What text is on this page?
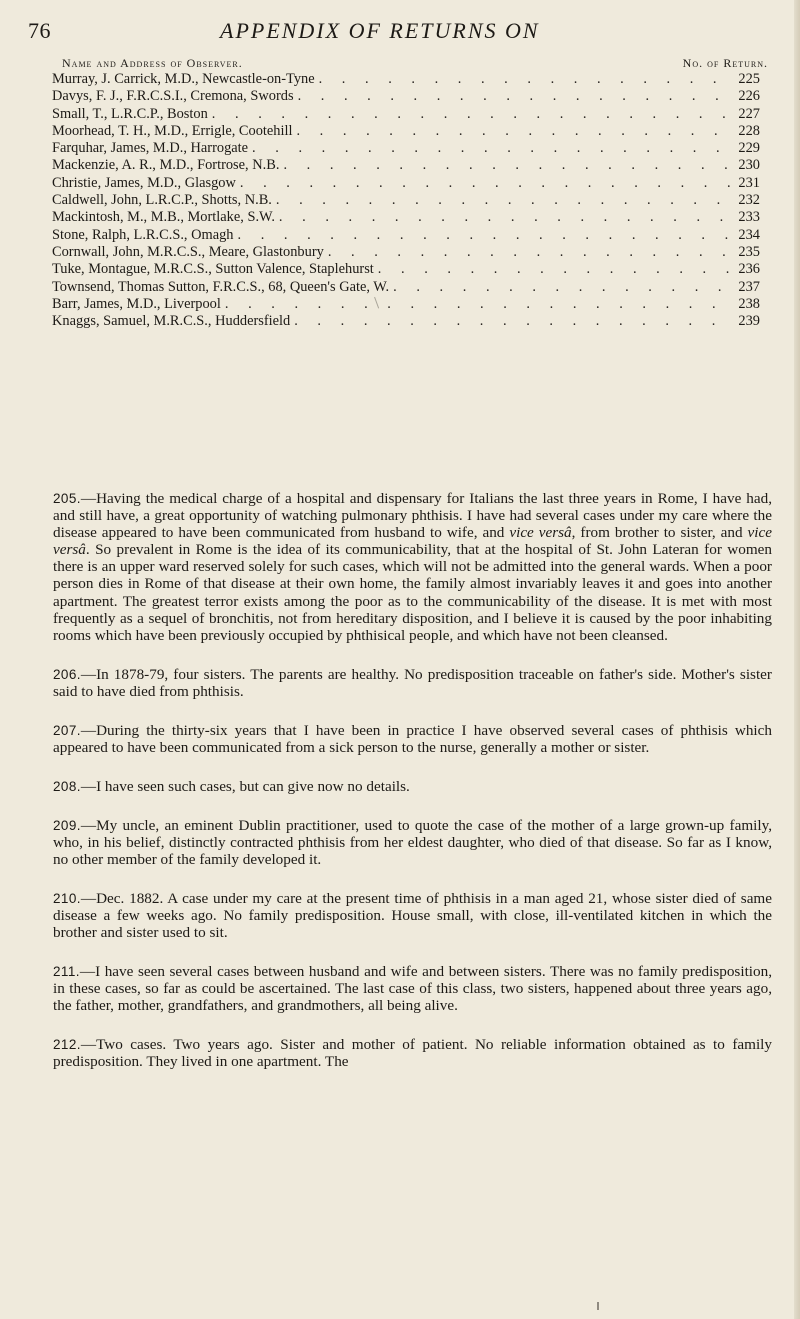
76	APPENDIX OF RETURNS ON
Name and Address of Observer.	No. of Return.
Murray, J. Carrick, M.D., Newcastle-on-Tyne . . .	225
Davys, F. J., F.R.C.S.I., Cremona, Swords . . .	226
Small, T., L.R.C.P., Boston . . .	227
Moorhead, T. H., M.D., Errigle, Cootehill . . .	228
Farquhar, James, M.D., Harrogate . . .	229
Mackenzie, A. R., M.D., Fortrose, N.B. . . .	230
Christie, James, M.D., Glasgow . . .	231
Caldwell, John, L.R.C.P., Shotts, N.B. . . .	232
Mackintosh, M., M.B., Mortlake, S.W. . . .	233
Stone, Ralph, L.R.C.S., Omagh . . .	234
Cornwall, John, M.R.C.S., Meare, Glastonbury . . .	235
Tuke, Montague, M.R.C.S., Sutton Valence, Staplehurst . . .	236
Townsend, Thomas Sutton, F.R.C.S., 68, Queen's Gate, W. . . .	237
Barr, James, M.D., Liverpool . . .	238
Knaggs, Samuel, M.R.C.S., Huddersfield . . .	239

205.—Having the medical charge of a hospital and dispensary for Italians the last three years in Rome, I have had, and still have, a great opportunity of watching pulmonary phthisis. I have had several cases under my care where the disease appeared to have been communicated from husband to wife, and vice versâ, from brother to sister, and vice versâ. So prevalent in Rome is the idea of its communicability, that at the hospital of St. John Lateran for women there is an upper ward reserved solely for such cases, which will not be admitted into the general wards. When a poor person dies in Rome of that disease at their own home, the family almost invariably leaves it and goes into another apartment. The greatest terror exists among the poor as to the communicability of the disease. It is met with most frequently as a sequel of bronchitis, not from hereditary disposition, and I believe it is caused by the poor inhabiting rooms which have been previously occupied by phthisical people, and which have not been cleansed.

206.—In 1878-79, four sisters. The parents are healthy. No predisposition traceable on father's side. Mother's sister said to have died from phthisis.

207.—During the thirty-six years that I have been in practice I have observed several cases of phthisis which appeared to have been communicated from a sick person to the nurse, generally a mother or sister.

208.—I have seen such cases, but can give now no details.

209.—My uncle, an eminent Dublin practitioner, used to quote the case of the mother of a large grown-up family, who, in his belief, distinctly contracted phthisis from her eldest daughter, who died of that disease. So far as I know, no other member of the family developed it.

210.—Dec. 1882. A case under my care at the present time of phthisis in a man aged 21, whose sister died of same disease a few weeks ago. No family predisposition. House small, with close, ill-ventilated kitchen in which the brother and sister used to sit.

211.—I have seen several cases between husband and wife and between sisters. There was no family predisposition, in these cases, so far as could be ascertained. The last case of this class, two sisters, happened about three years ago, the father, mother, grandfathers, and grandmothers, all being alive.

212.—Two cases. Two years ago. Sister and mother of patient. No reliable information obtained as to family predisposition. They lived in one apartment. The
